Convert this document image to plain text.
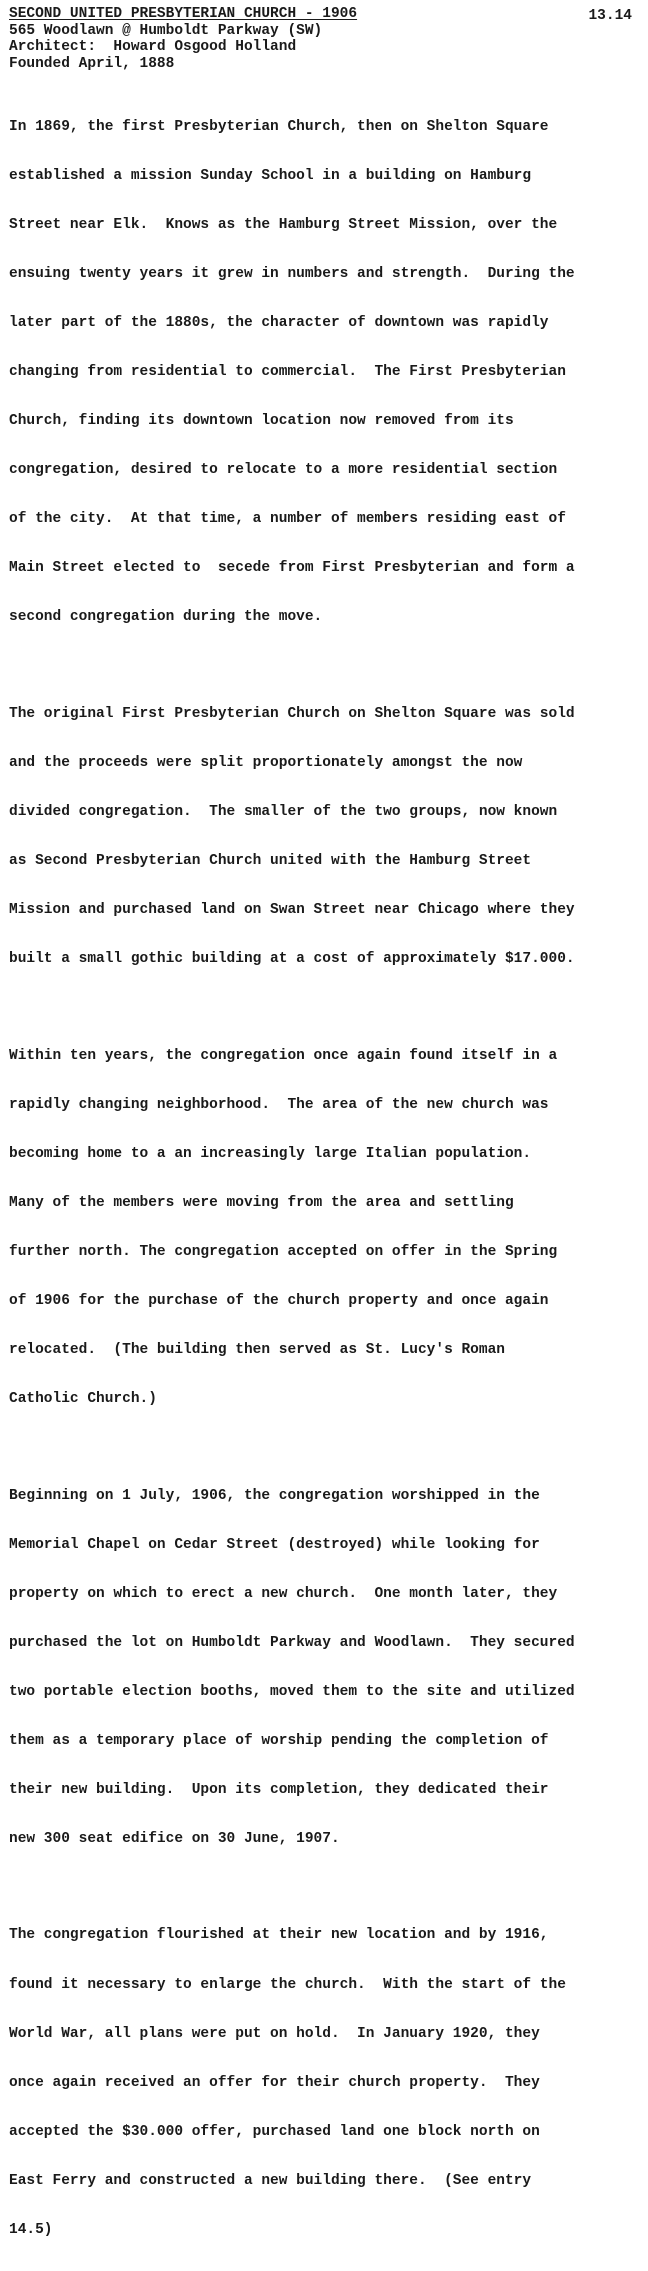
13.14

SECOND UNITED PRESBYTERIAN CHURCH - 1906

565 Woodlawn @ Humboldt Parkway (SW)

Architect:  Howard Osgood Holland

Founded April, 1888

In 1869, the first Presbyterian Church, then on Shelton Square

established a mission Sunday School in a building on Hamburg

Street near Elk.  Knows as the Hamburg Street Mission, over the

ensuing twenty years it grew in numbers and strength.  During the

later part of the 1880s, the character of downtown was rapidly

changing from residential to commercial.  The First Presbyterian

Church, finding its downtown location now removed from its

congregation, desired to relocate to a more residential section

of the city.  At that time, a number of members residing east of

Main Street elected to  secede from First Presbyterian and form a

second congregation during the move.

The original First Presbyterian Church on Shelton Square was sold

and the proceeds were split proportionately amongst the now

divided congregation.  The smaller of the two groups, now known

as Second Presbyterian Church united with the Hamburg Street

Mission and purchased land on Swan Street near Chicago where they

built a small gothic building at a cost of approximately $17.000.

Within ten years, the congregation once again found itself in a

rapidly changing neighborhood.  The area of the new church was

becoming home to a an increasingly large Italian population.

Many of the members were moving from the area and settling

further north. The congregation accepted on offer in the Spring

of 1906 for the purchase of the church property and once again

relocated.  (The building then served as St. Lucy's Roman

Catholic Church.)

Beginning on 1 July, 1906, the congregation worshipped in the

Memorial Chapel on Cedar Street (destroyed) while looking for

property on which to erect a new church.  One month later, they

purchased the lot on Humboldt Parkway and Woodlawn.  They secured

two portable election booths, moved them to the site and utilized

them as a temporary place of worship pending the completion of

their new building.  Upon its completion, they dedicated their

new 300 seat edifice on 30 June, 1907.

The congregation flourished at their new location and by 1916,

found it necessary to enlarge the church.  With the start of the

World War, all plans were put on hold.  In January 1920, they

once again received an offer for their church property.  They

accepted the $30.000 offer, purchased land one block north on

East Ferry and constructed a new building there.  (See entry

14.5)
